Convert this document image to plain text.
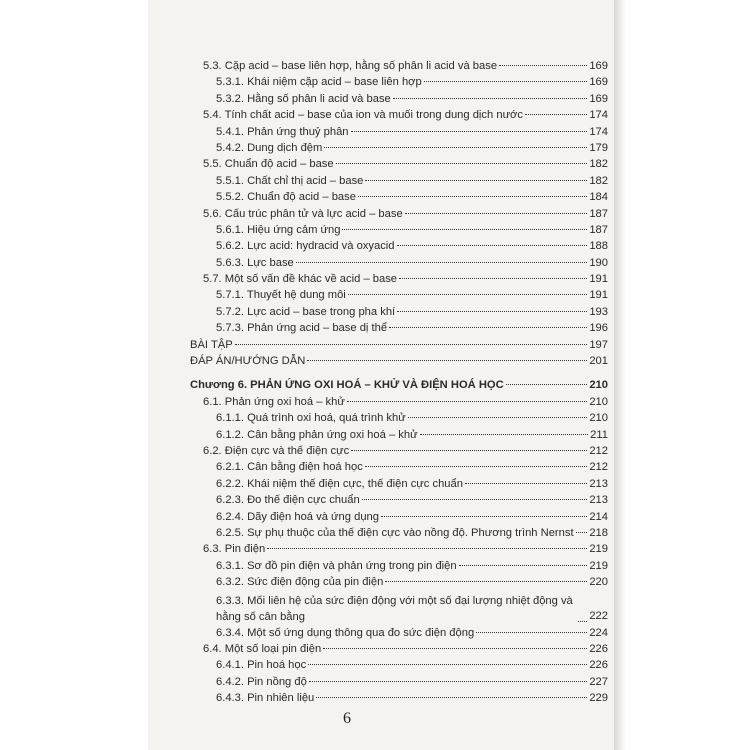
5.3. Cặp acid – base liên hợp, hằng số phân li acid và base	169
5.3.1. Khái niệm cặp acid – base liên hợp	169
5.3.2. Hằng số phân li acid và base	169
5.4. Tính chất acid – base của ion và muối trong dung dịch nước	174
5.4.1. Phản ứng thuỷ phân	174
5.4.2. Dung dịch đệm	179
5.5. Chuẩn độ acid – base	182
5.5.1. Chất chỉ thị acid – base	182
5.5.2. Chuẩn độ acid – base	184
5.6. Cấu trúc phân tử và lực acid – base	187
5.6.1. Hiệu ứng cảm ứng	187
5.6.2. Lực acid: hydracid và oxyacid	188
5.6.3. Lực base	190
5.7. Một số vấn đề khác về acid – base	191
5.7.1. Thuyết hệ dung môi	191
5.7.2. Lực acid – base trong pha khí	193
5.7.3. Phản ứng acid – base dị thể	196
BÀI TẬP	197
ĐÁP ÁN/HƯỚNG DẪN	201
Chương 6. PHẢN ỨNG OXI HOÁ – KHỬ VÀ ĐIỆN HOÁ HỌC	210
6.1. Phản ứng oxi hoá – khử	210
6.1.1. Quá trình oxi hoá, quá trình khử	210
6.1.2. Cân bằng phản ứng oxi hoá – khử	211
6.2. Điện cực và thế điện cực	212
6.2.1. Cân bằng điện hoá học	212
6.2.2. Khái niệm thế điện cực, thế điện cực chuẩn	213
6.2.3. Đo thế điện cực chuẩn	213
6.2.4. Dãy điện hoá và ứng dụng	214
6.2.5. Sự phụ thuộc của thế điện cực vào nồng độ. Phương trình Nernst 218
6.3. Pin điện	219
6.3.1. Sơ đồ pin điện và phản ứng trong pin điện	219
6.3.2. Sức điện động của pin điện	220
6.3.3. Mối liên hệ của sức điện động với một số đại lượng nhiệt động và hằng số cân bằng	222
6.3.4. Một số ứng dụng thông qua đo sức điện động	224
6.4. Một số loại pin điện	226
6.4.1. Pin hoá học	226
6.4.2. Pin nồng độ	227
6.4.3. Pin nhiên liệu	229
6
